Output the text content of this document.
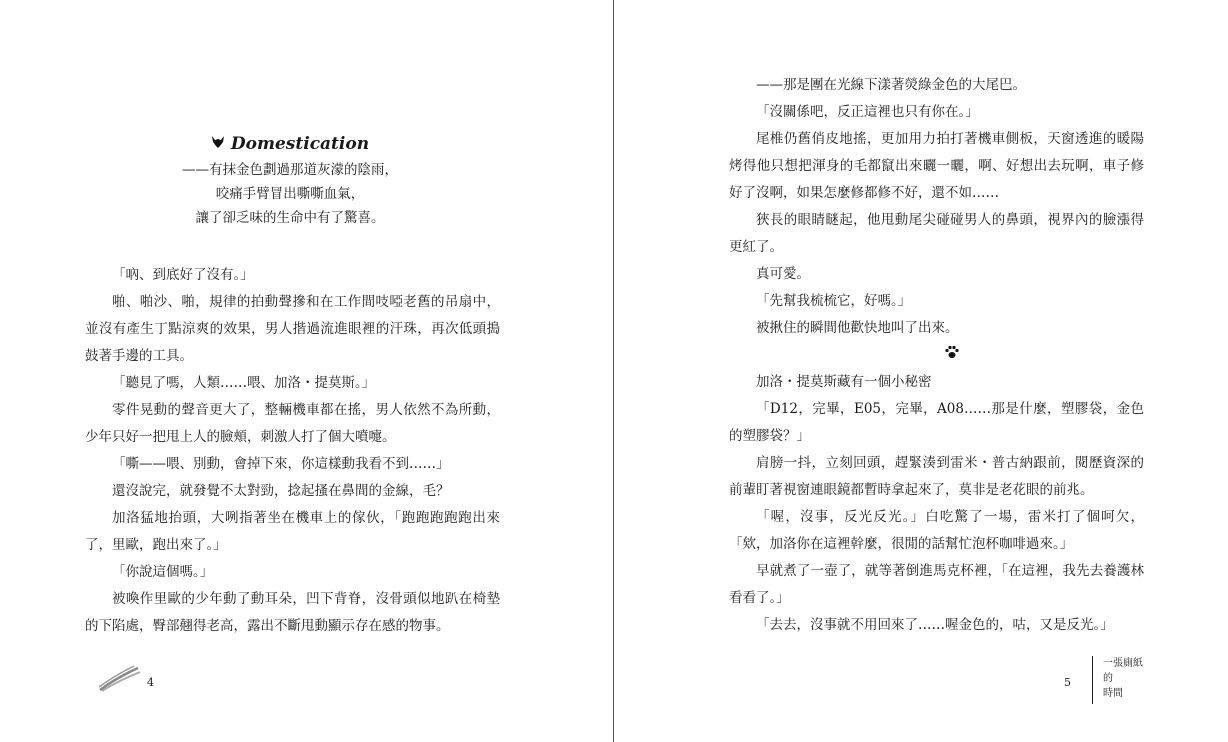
Domestication
——有抹金色劃過那道灰濛的陰雨，
咬痛手臂冒出嘶嘶血氣，
讓了卻乏味的生命中有了驚喜。

「吶、到底好了沒有。」

啪、啪沙、啪，規律的拍動聲摻和在工作間吱啞老舊的吊扇中，並沒有產生丁點涼爽的效果，男人揩過流進眼裡的汗珠，再次低頭搗鼓著手邊的工具。

「聽見了嗎，人類……喂、加洛・提莫斯。」

零件晃動的聲音更大了，整輛機車都在搖，男人依然不為所動，少年只好一把甩上人的臉頰，刺激人打了個大噴嚏。

「嘶——喂、別動，會掉下來，你這樣動我看不到……」

還沒說完，就發覺不太對勁，捻起搔在鼻間的金線，毛？

加洛猛地抬頭，大咧指著坐在機車上的傢伙，「跑跑跑跑跑出來了，里歐，跑出來了。」

「你說這個嗎。」

被喚作里歐的少年動了動耳朵，凹下背脊，沒骨頭似地趴在椅墊的下陷處，臀部翹得老高，露出不斷甩動顯示存在感的物事。

4

——那是團在光線下漾著熒綠金色的大尾巴。

「沒關係吧，反正這裡也只有你在。」

尾椎仍舊俏皮地搖，更加用力拍打著機車側板，天窗透進的暖陽烤得他只想把渾身的毛都竄出來曬一曬，啊、好想出去玩啊，車子修好了沒啊，如果怎麼修都修不好，還不如……

狹長的眼睛瞇起，他甩動尾尖碰碰男人的鼻頭，視界內的臉漲得更紅了。

真可愛。

「先幫我梳梳它，好嗎。」

被揪住的瞬間他歡快地叫了出來。

加洛・提莫斯藏有一個小秘密

「D12，完畢，E05，完畢，A08……那是什麼，塑膠袋，金色的塑膠袋？」

肩膀一抖，立刻回頭，趕緊湊到雷米・普古納跟前，閱歷資深的前輩盯著視窗連眼鏡都暫時拿起來了，莫非是老花眼的前兆。

「喔，沒事，反光反光。」白吃驚了一場，雷米打了個呵欠，「欸，加洛你在這裡幹麼，很閒的話幫忙泡杯咖啡過來。」

早就煮了一壺了，就等著倒進馬克杯裡，「在這裡，我先去養護林看看了。」

「去去，沒事就不用回來了……喔金色的，咕，又是反光。」

5
一張廁紙
的
時間
